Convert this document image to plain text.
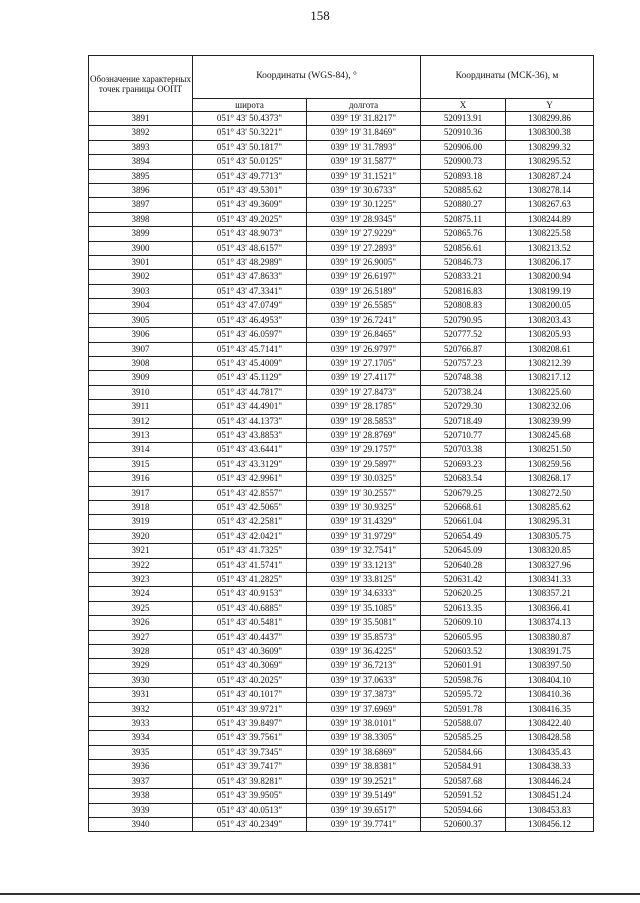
158
Обозначение характерных точек границы ООПТ	Координаты (WGS-84), °		Координаты (МСК-36), м	
	широта	долгота	X	Y
3891	051° 43' 50.4373"	039° 19' 31.8217"	520913.91	1308299.86
3892	051° 43' 50.3221"	039° 19' 31.8469"	520910.36	1308300.38
3893	051° 43' 50.1817"	039° 19' 31.7893"	520906.00	1308299.32
3894	051° 43' 50.0125"	039° 19' 31.5877"	520900.73	1308295.52
3895	051° 43' 49.7713"	039° 19' 31.1521"	520893.18	1308287.24
3896	051° 43' 49.5301"	039° 19' 30.6733"	520885.62	1308278.14
3897	051° 43' 49.3609"	039° 19' 30.1225"	520880.27	1308267.63
3898	051° 43' 49.2025"	039° 19' 28.9345"	520875.11	1308244.89
3899	051° 43' 48.9073"	039° 19' 27.9229"	520865.76	1308225.58
3900	051° 43' 48.6157"	039° 19' 27.2893"	520856.61	1308213.52
3901	051° 43' 48.2989"	039° 19' 26.9005"	520846.73	1308206.17
3902	051° 43' 47.8633"	039° 19' 26.6197"	520833.21	1308200.94
3903	051° 43' 47.3341"	039° 19' 26.5189"	520816.83	1308199.19
3904	051° 43' 47.0749"	039° 19' 26.5585"	520808.83	1308200.05
3905	051° 43' 46.4953"	039° 19' 26.7241"	520790.95	1308203.43
3906	051° 43' 46.0597"	039° 19' 26.8465"	520777.52	1308205.93
3907	051° 43' 45.7141"	039° 19' 26.9797"	520766.87	1308208.61
3908	051° 43' 45.4009"	039° 19' 27.1705"	520757.23	1308212.39
3909	051° 43' 45.1129"	039° 19' 27.4117"	520748.38	1308217.12
3910	051° 43' 44.7817"	039° 19' 27.8473"	520738.24	1308225.60
3911	051° 43' 44.4901"	039° 19' 28.1785"	520729.30	1308232.06
3912	051° 43' 44.1373"	039° 19' 28.5853"	520718.49	1308239.99
3913	051° 43' 43.8853"	039° 19' 28.8769"	520710.77	1308245.68
3914	051° 43' 43.6441"	039° 19' 29.1757"	520703.38	1308251.50
3915	051° 43' 43.3129"	039° 19' 29.5897"	520693.23	1308259.56
3916	051° 43' 42.9961"	039° 19' 30.0325"	520683.54	1308268.17
3917	051° 43' 42.8557"	039° 19' 30.2557"	520679.25	1308272.50
3918	051° 43' 42.5065"	039° 19' 30.9325"	520668.61	1308285.62
3919	051° 43' 42.2581"	039° 19' 31.4329"	520661.04	1308295.31
3920	051° 43' 42.0421"	039° 19' 31.9729"	520654.49	1308305.75
3921	051° 43' 41.7325"	039° 19' 32.7541"	520645.09	1308320.85
3922	051° 43' 41.5741"	039° 19' 33.1213"	520640.28	1308327.96
3923	051° 43' 41.2825"	039° 19' 33.8125"	520631.42	1308341.33
3924	051° 43' 40.9153"	039° 19' 34.6333"	520620.25	1308357.21
3925	051° 43' 40.6885"	039° 19' 35.1085"	520613.35	1308366.41
3926	051° 43' 40.5481"	039° 19' 35.5081"	520609.10	1308374.13
3927	051° 43' 40.4437"	039° 19' 35.8573"	520605.95	1308380.87
3928	051° 43' 40.3609"	039° 19' 36.4225"	520603.52	1308391.75
3929	051° 43' 40.3069"	039° 19' 36.7213"	520601.91	1308397.50
3930	051° 43' 40.2025"	039° 19' 37.0633"	520598.76	1308404.10
3931	051° 43' 40.1017"	039° 19' 37.3873"	520595.72	1308410.36
3932	051° 43' 39.9721"	039° 19' 37.6969"	520591.78	1308416.35
3933	051° 43' 39.8497"	039° 19' 38.0101"	520588.07	1308422.40
3934	051° 43' 39.7561"	039° 19' 38.3305"	520585.25	1308428.58
3935	051° 43' 39.7345"	039° 19' 38.6869"	520584.66	1308435.43
3936	051° 43' 39.7417"	039° 19' 38.8381"	520584.91	1308438.33
3937	051° 43' 39.8281"	039° 19' 39.2521"	520587.68	1308446.24
3938	051° 43' 39.9505"	039° 19' 39.5149"	520591.52	1308451.24
3939	051° 43' 40.0513"	039° 19' 39.6517"	520594.66	1308453.83
3940	051° 43' 40.2349"	039° 19' 39.7741"	520600.37	1308456.12
